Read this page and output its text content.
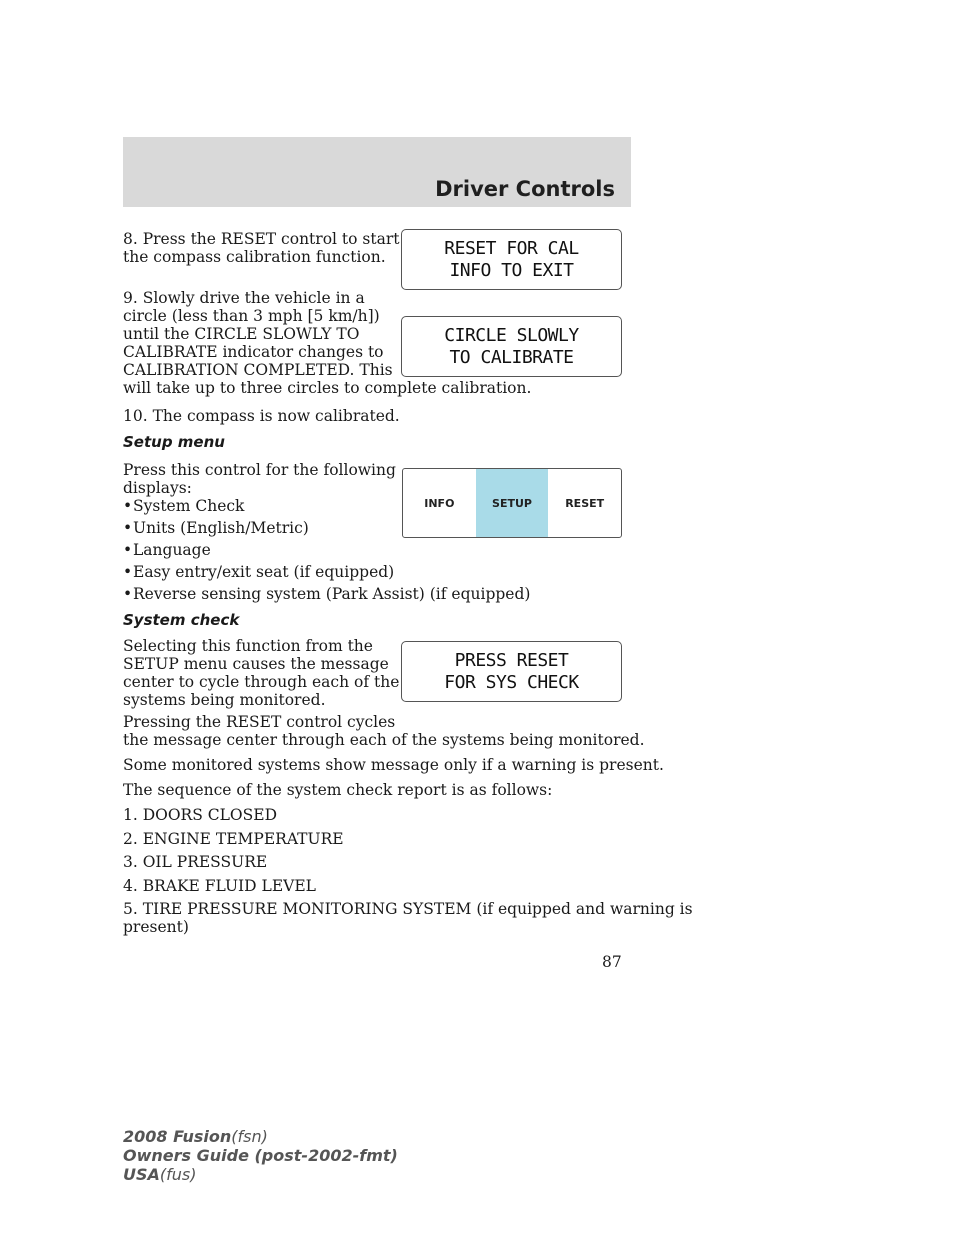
Driver Controls

8. Press the RESET control to start

the compass calibration function.	RESET FOR CAL
INFO TO EXIT

9. Slowly drive the vehicle in a

circle (less than 3 mph [5 km/h])

until the CIRCLE SLOWLY TO

CALIBRATE indicator changes to

CALIBRATION COMPLETED. This

will take up to three circles to complete calibration.

CIRCLE SLOWLY
TO CALIBRATE

10. The compass is now calibrated.

Setup menu

Press this control for the following

displays:

•System Check

•Units (English/Metric)

•Language

•Easy entry/exit seat (if equipped)

•Reverse sensing system (Park Assist) (if equipped)

INFO	SETUP	RESET
System check

Selecting this function from the

SETUP menu causes the message

center to cycle through each of the

systems being monitored.

Pressing the RESET control cycles

the message center through each of the systems being monitored.

PRESS RESET
FOR SYS CHECK

Some monitored systems show message only if a warning is present.

The sequence of the system check report is as follows:

1. DOORS CLOSED

2. ENGINE TEMPERATURE

3. OIL PRESSURE

4. BRAKE FLUID LEVEL

5. TIRE PRESSURE MONITORING SYSTEM (if equipped and warning is

present)

87

2008 Fusion(fsn)
Owners Guide (post-2002-fmt)
USA(fus)
